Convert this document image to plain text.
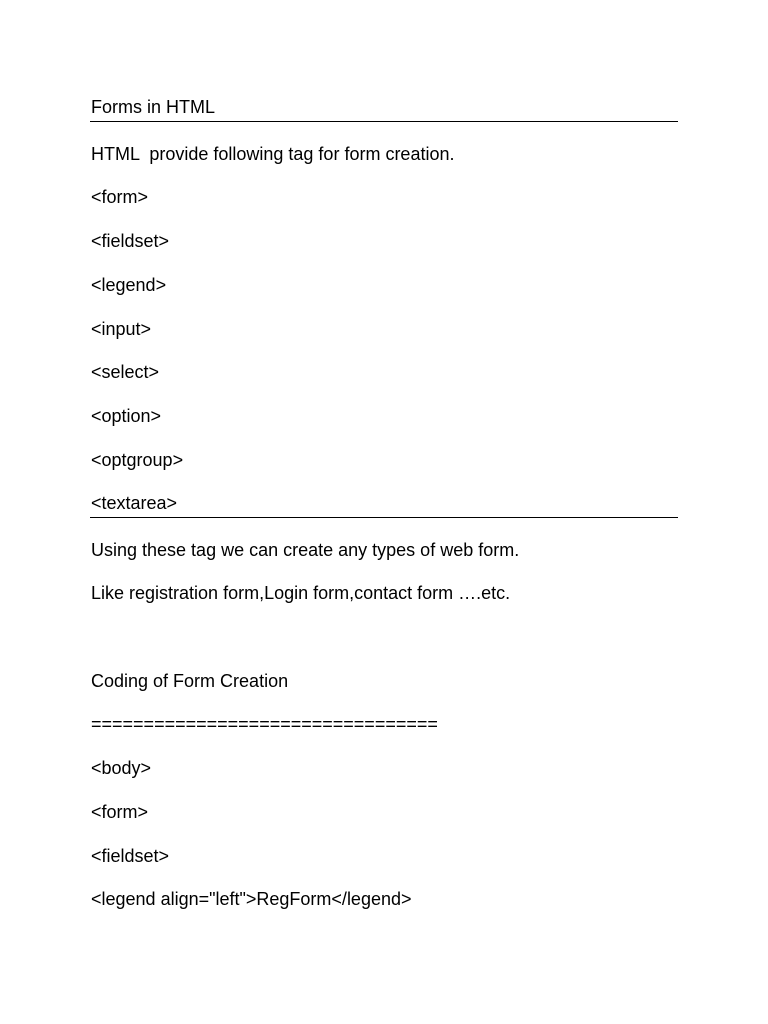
Forms in HTML

HTML  provide following tag for form creation.

<form>

<fieldset>

<legend>

<input>

<select>

<option>

<optgroup>

<textarea>

Using these tag we can create any types of web form.

Like registration form,Login form,contact form ….etc.

Coding of Form Creation

=================================

<body>

<form>

<fieldset>

<legend align="left">RegForm</legend>
